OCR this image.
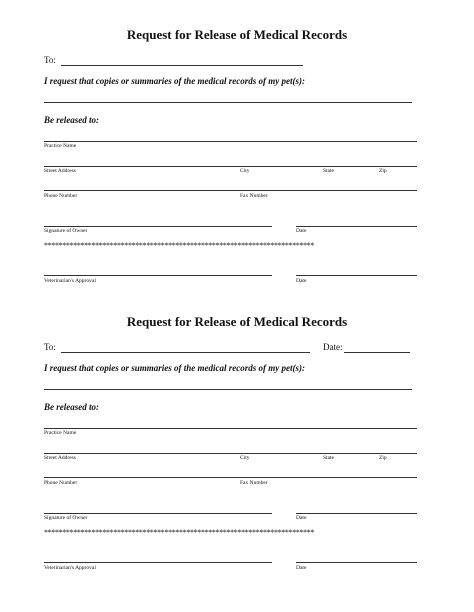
Request for Release of Medical Records
To:
I request that copies or summaries of the medical records of my pet(s):
Be released to:
Practice Name
Street Address	City	State	Zip
Phone Number	Fax Number
Signature of Owner	Date
**************************************************************************
Veterinarian's Approval	Date
Request for Release of Medical Records
To:	Date:
I request that copies or summaries of the medical records of my pet(s):
Be released to:
Practice Name
Street Address	City	State	Zip
Phone Number	Fax Number
Signature of Owner	Date
**************************************************************************
Veterinarian's Approval	Date
